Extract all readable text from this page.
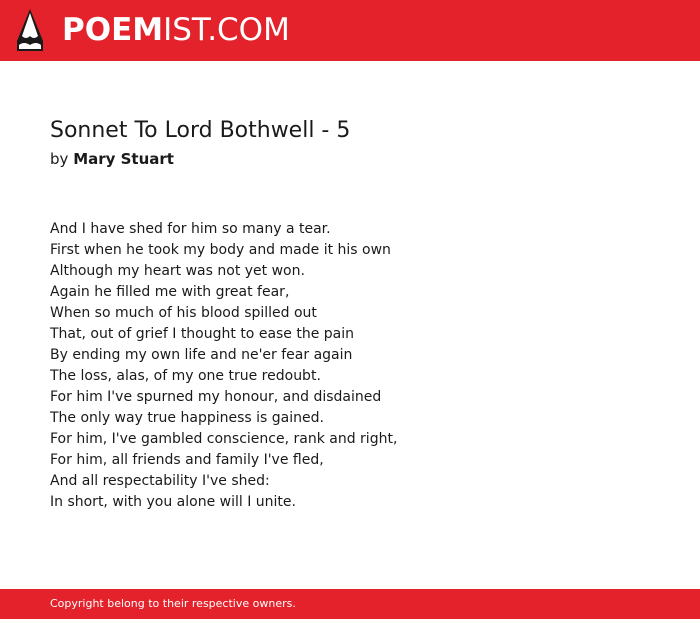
POEMIST.COM
Sonnet To Lord Bothwell - 5
by Mary Stuart
And I have shed for him so many a tear.
First when he took my body and made it his own
Although my heart was not yet won.
Again he filled me with great fear,
When so much of his blood spilled out
That, out of grief I thought to ease the pain
By ending my own life and ne'er fear again
The loss, alas, of my one true redoubt.
For him I've spurned my honour, and disdained
The only way true happiness is gained.
For him, I've gambled conscience, rank and right,
For him, all friends and family I've fled,
And all respectability I've shed:
In short, with you alone will I unite.
Copyright belong to their respective owners.
